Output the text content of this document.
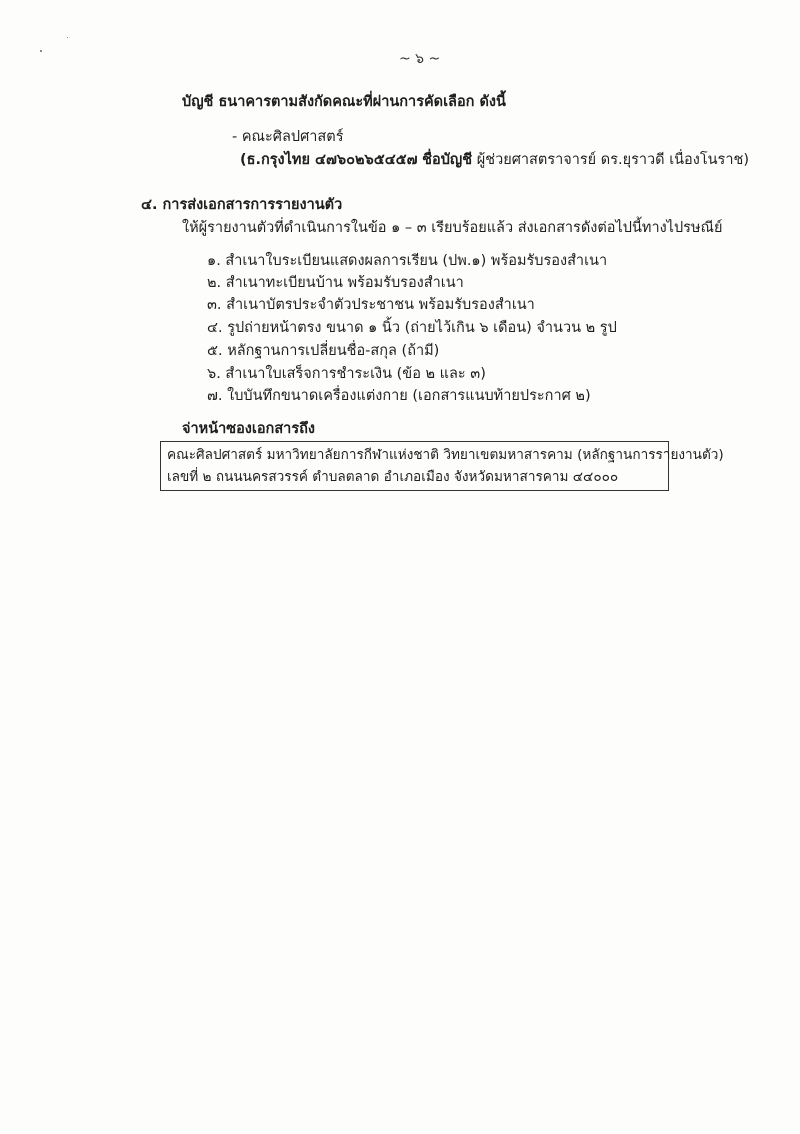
~ ๖ ~
บัญชี ธนาคารตามสังกัดคณะที่ผ่านการคัดเลือก ดังนี้
- คณะศิลปศาสตร์
(ธ.กรุงไทย ๔๗๖๐๒๖๕๔๕๗ ชื่อบัญชี ผู้ช่วยศาสตราจารย์ ดร.ยุราวดี เนื่องโนราช)
๔. การส่งเอกสารการรายงานตัว
ให้ผู้รายงานตัวที่ดำเนินการในข้อ ๑ – ๓ เรียบร้อยแล้ว ส่งเอกสารดังต่อไปนี้ทางไปรษณีย์
๑. สำเนาใบระเบียนแสดงผลการเรียน (ปพ.๑) พร้อมรับรองสำเนา
๒. สำเนาทะเบียนบ้าน พร้อมรับรองสำเนา
๓. สำเนาบัตรประจำตัวประชาชน พร้อมรับรองสำเนา
๔. รูปถ่ายหน้าตรง ขนาด ๑ นิ้ว (ถ่ายไว้เกิน ๖ เดือน) จำนวน ๒ รูป
๕. หลักฐานการเปลี่ยนชื่อ-สกุล (ถ้ามี)
๖. สำเนาใบเสร็จการชำระเงิน (ข้อ ๒ และ ๓)
๗. ใบบันทึกขนาดเครื่องแต่งกาย (เอกสารแนบท้ายประกาศ ๒)
จ่าหน้าซองเอกสารถึง
คณะศิลปศาสตร์ มหาวิทยาลัยการกีฬาแห่งชาติ วิทยาเขตมหาสารคาม (หลักฐานการรายงานตัว)
เลขที่ ๒ ถนนนครสวรรค์ ตำบลตลาด อำเภอเมือง จังหวัดมหาสารคาม ๔๔๐๐๐
